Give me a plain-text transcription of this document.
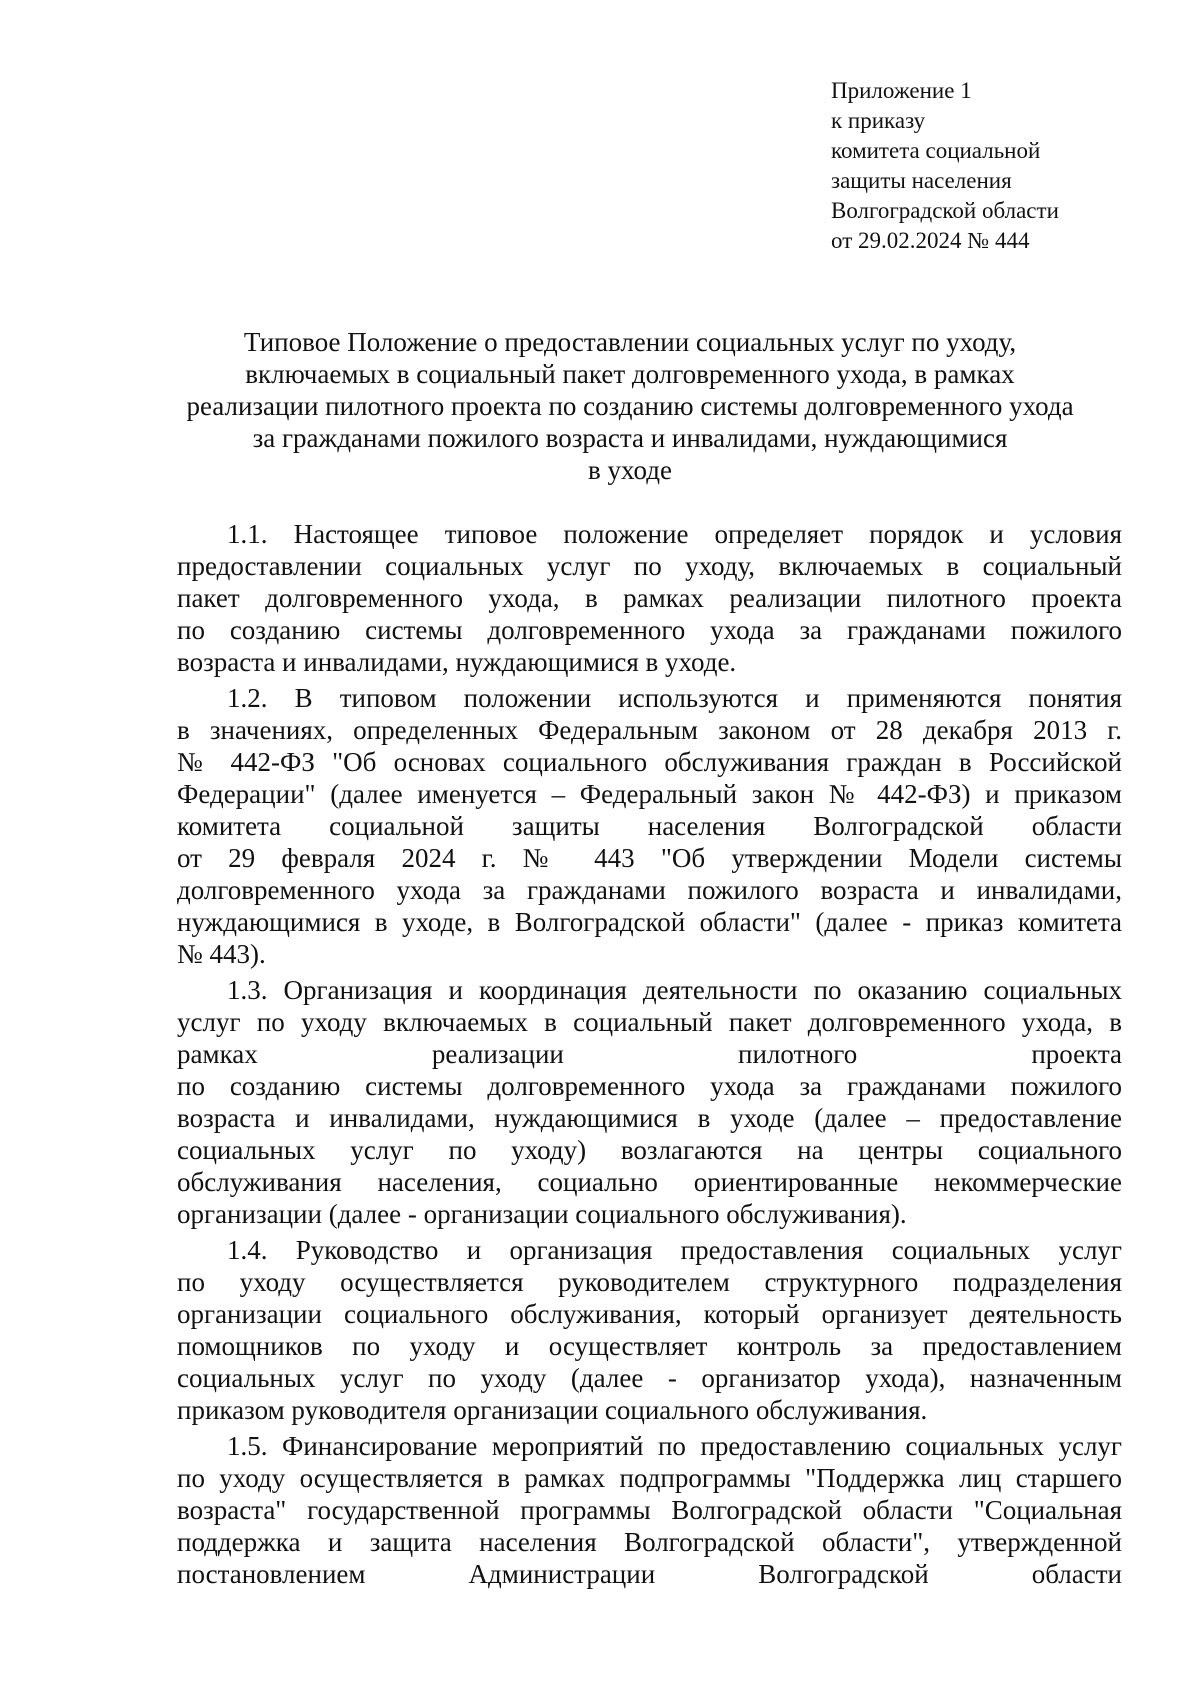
Приложение 1
к приказу
комитета социальной
защиты населения
Волгоградской области
от 29.02.2024 № 444
Типовое Положение о предоставлении социальных услуг по уходу,
включаемых в социальный пакет долговременного ухода, в рамках
реализации пилотного проекта по созданию системы долговременного ухода
за гражданами пожилого возраста и инвалидами, нуждающимися
в уходе
1.1. Настоящее типовое положение определяет порядок и условия
предоставлении социальных услуг по уходу, включаемых в социальный
пакет долговременного ухода, в рамках реализации пилотного проекта
по созданию системы долговременного ухода за гражданами пожилого
возраста и инвалидами, нуждающимися в уходе.
1.2. В типовом положении используются и применяются понятия
в значениях, определенных Федеральным законом от 28 декабря 2013 г.
№ 442-ФЗ "Об основах социального обслуживания граждан в Российской
Федерации" (далее именуется – Федеральный закон № 442-ФЗ) и приказом
комитета социальной защиты населения Волгоградской области
от 29 февраля 2024 г. № 443 "Об утверждении Модели системы
долговременного ухода за гражданами пожилого возраста и инвалидами,
нуждающимися в уходе, в Волгоградской области" (далее - приказ комитета
№ 443).
1.3. Организация и координация деятельности по оказанию социальных
услуг по уходу включаемых в социальный пакет долговременного ухода, в
рамках реализации пилотного проекта
по созданию системы долговременного ухода за гражданами пожилого
возраста и инвалидами, нуждающимися в уходе (далее – предоставление
социальных услуг по уходу) возлагаются на центры социального
обслуживания населения, социально ориентированные некоммерческие
организации (далее - организации социального обслуживания).
1.4. Руководство и организация предоставления социальных услуг
по уходу осуществляется руководителем структурного подразделения
организации социального обслуживания, который организует деятельность
помощников по уходу и осуществляет контроль за предоставлением
социальных услуг по уходу (далее - организатор ухода), назначенным
приказом руководителя организации социального обслуживания.
1.5. Финансирование мероприятий по предоставлению социальных услуг
по уходу осуществляется в рамках подпрограммы "Поддержка лиц старшего
возраста" государственной программы Волгоградской области "Социальная
поддержка и защита населения Волгоградской области", утвержденной
постановлением Администрации Волгоградской области
